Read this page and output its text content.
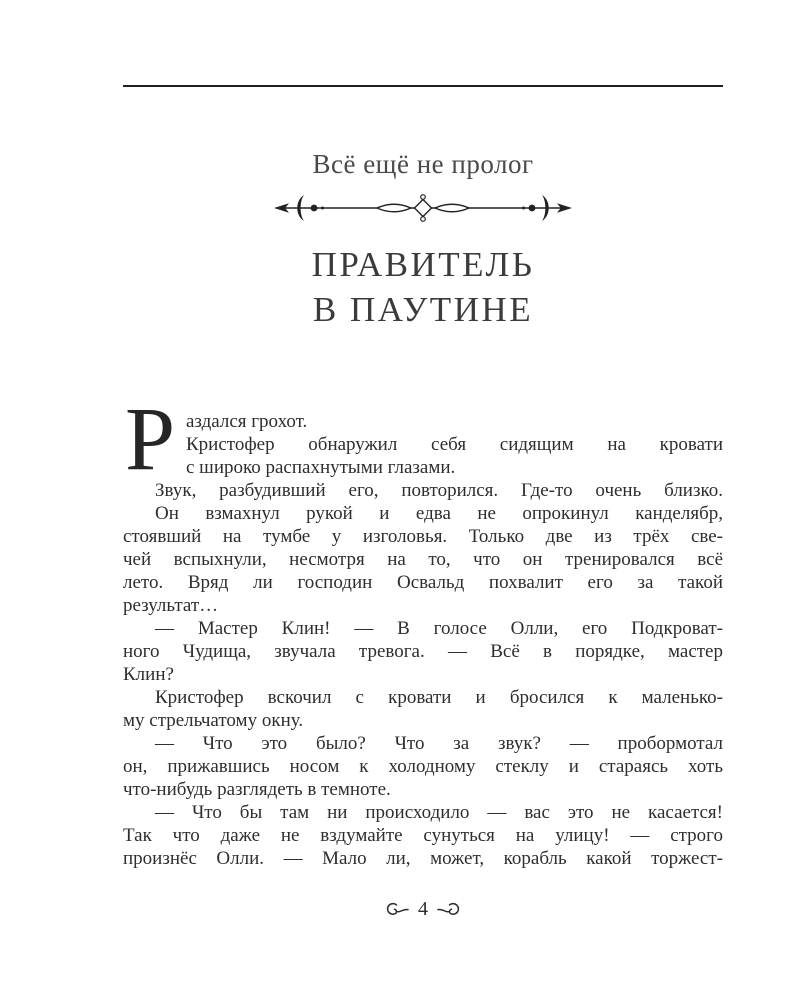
Всё ещё не пролог
ПРАВИТЕЛЬ
В ПАУТИНЕ
Р аздался грохот.
Кристофер обнаружил себя сидящим на кровати
с широко распахнутыми глазами.
Звук, разбудивший его, повторился. Где-то очень близко.
Он взмахнул рукой и едва не опрокинул канделябр,
стоявший на тумбе у изголовья. Только две из трёх све-
чей вспыхнули, несмотря на то, что он тренировался всё
лето. Вряд ли господин Освальд похвалит его за такой
результат…
— Мастер Клин! — В голосе Олли, его Подкроват-
ного Чудища, звучала тревога. — Всё в порядке, мастер
Клин?
Кристофер вскочил с кровати и бросился к маленько-
му стрельчатому окну.
— Что это было? Что за звук? — пробормотал
он, прижавшись носом к холодному стеклу и стараясь хоть
что-нибудь разглядеть в темноте.
— Что бы там ни происходило — вас это не касается!
Так что даже не вздумайте сунуться на улицу! — строго
произнёс Олли. — Мало ли, может, корабль какой торжест-
4
